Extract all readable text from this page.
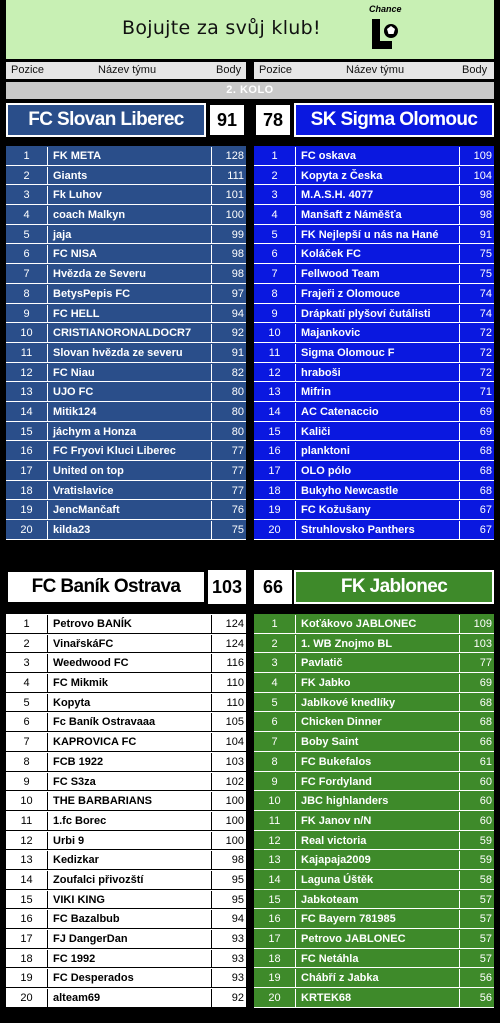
Bojujte za svůj klub!
Chance
Pozice	Název týmu	Body Pozice	Název týmu	Body
2. KOLO
FC Slovan Liberec	91	78	SK Sigma Olomouc
1	FK META	128
2	Giants	111
3	Fk Luhov	101
4	coach Malkyn	100
5	jaja	99
6	FC NISA	98
7	Hvězda ze Severu	98
8	BetysPepis FC	97
9	FC HELL	94
10	CRISTIANORONALDOCR7	92
11	Slovan hvězda ze severu	91
12	FC Niau	82
13	UJO FC	80
14	Mitik124	80
15	jáchym a Honza	80
16	FC Fryovi Kluci Liberec	77
17	United on top	77
18	Vratislavice	77
19	JencMančaft	76
20	kilda23	75
1	FC oskava	109
2	Kopyta z Česka	104
3	M.A.S.H. 4077	98
4	Manšaft z Náměšťa	98
5	FK Nejlepší u nás na Hané	91
6	Koláček FC	75
7	Fellwood Team	75
8	Frajeři z Olomouce	74
9	Drápkatí plyšoví čutálisti	74
10	Majankovic	72
11	Sigma Olomouc F	72
12	hraboši	72
13	Mifrin	71
14	AC Catenaccio	69
15	Kaliči	69
16	planktoni	68
17	OLO pólo	68
18	Bukyho Newcastle	68
19	FC Kožušany	67
20	Struhlovsko Panthers	67
FC Baník Ostrava	103	66	FK Jablonec
1	Petrovo BANÍK	124
2	VinařskáFC	124
3	Weedwood FC	116
4	FC Mikmik	110
5	Kopyta	110
6	Fc Baník Ostravaaa	105
7	KAPROVICA FC	104
8	FCB 1922	103
9	FC S3za	102
10	THE BARBARIANS	100
11	1.fc Borec	100
12	Urbi 9	100
13	Kedizkar	98
14	Zoufalci přivozští	95
15	VIKI KING	95
16	FC Bazalbub	94
17	FJ DangerDan	93
18	FC 1992	93
19	FC Desperados	93
20	alteam69	92
1	Koťákovo JABLONEC	109
2	1. WB Znojmo BL	103
3	Pavlatič	77
4	FK Jabko	69
5	Jablkové knedlíky	68
6	Chicken Dinner	68
7	Boby Saint	66
8	FC Bukefalos	61
9	FC Fordyland	60
10	JBC highlanders	60
11	FK Janov n/N	60
12	Real victoria	59
13	Kajapaja2009	59
14	Laguna Úštěk	58
15	Jabkoteam	57
16	FC Bayern 781985	57
17	Petrovo JABLONEC	57
18	FC Netáhla	57
19	Chábří z Jabka	56
20	KRTEK68	56
